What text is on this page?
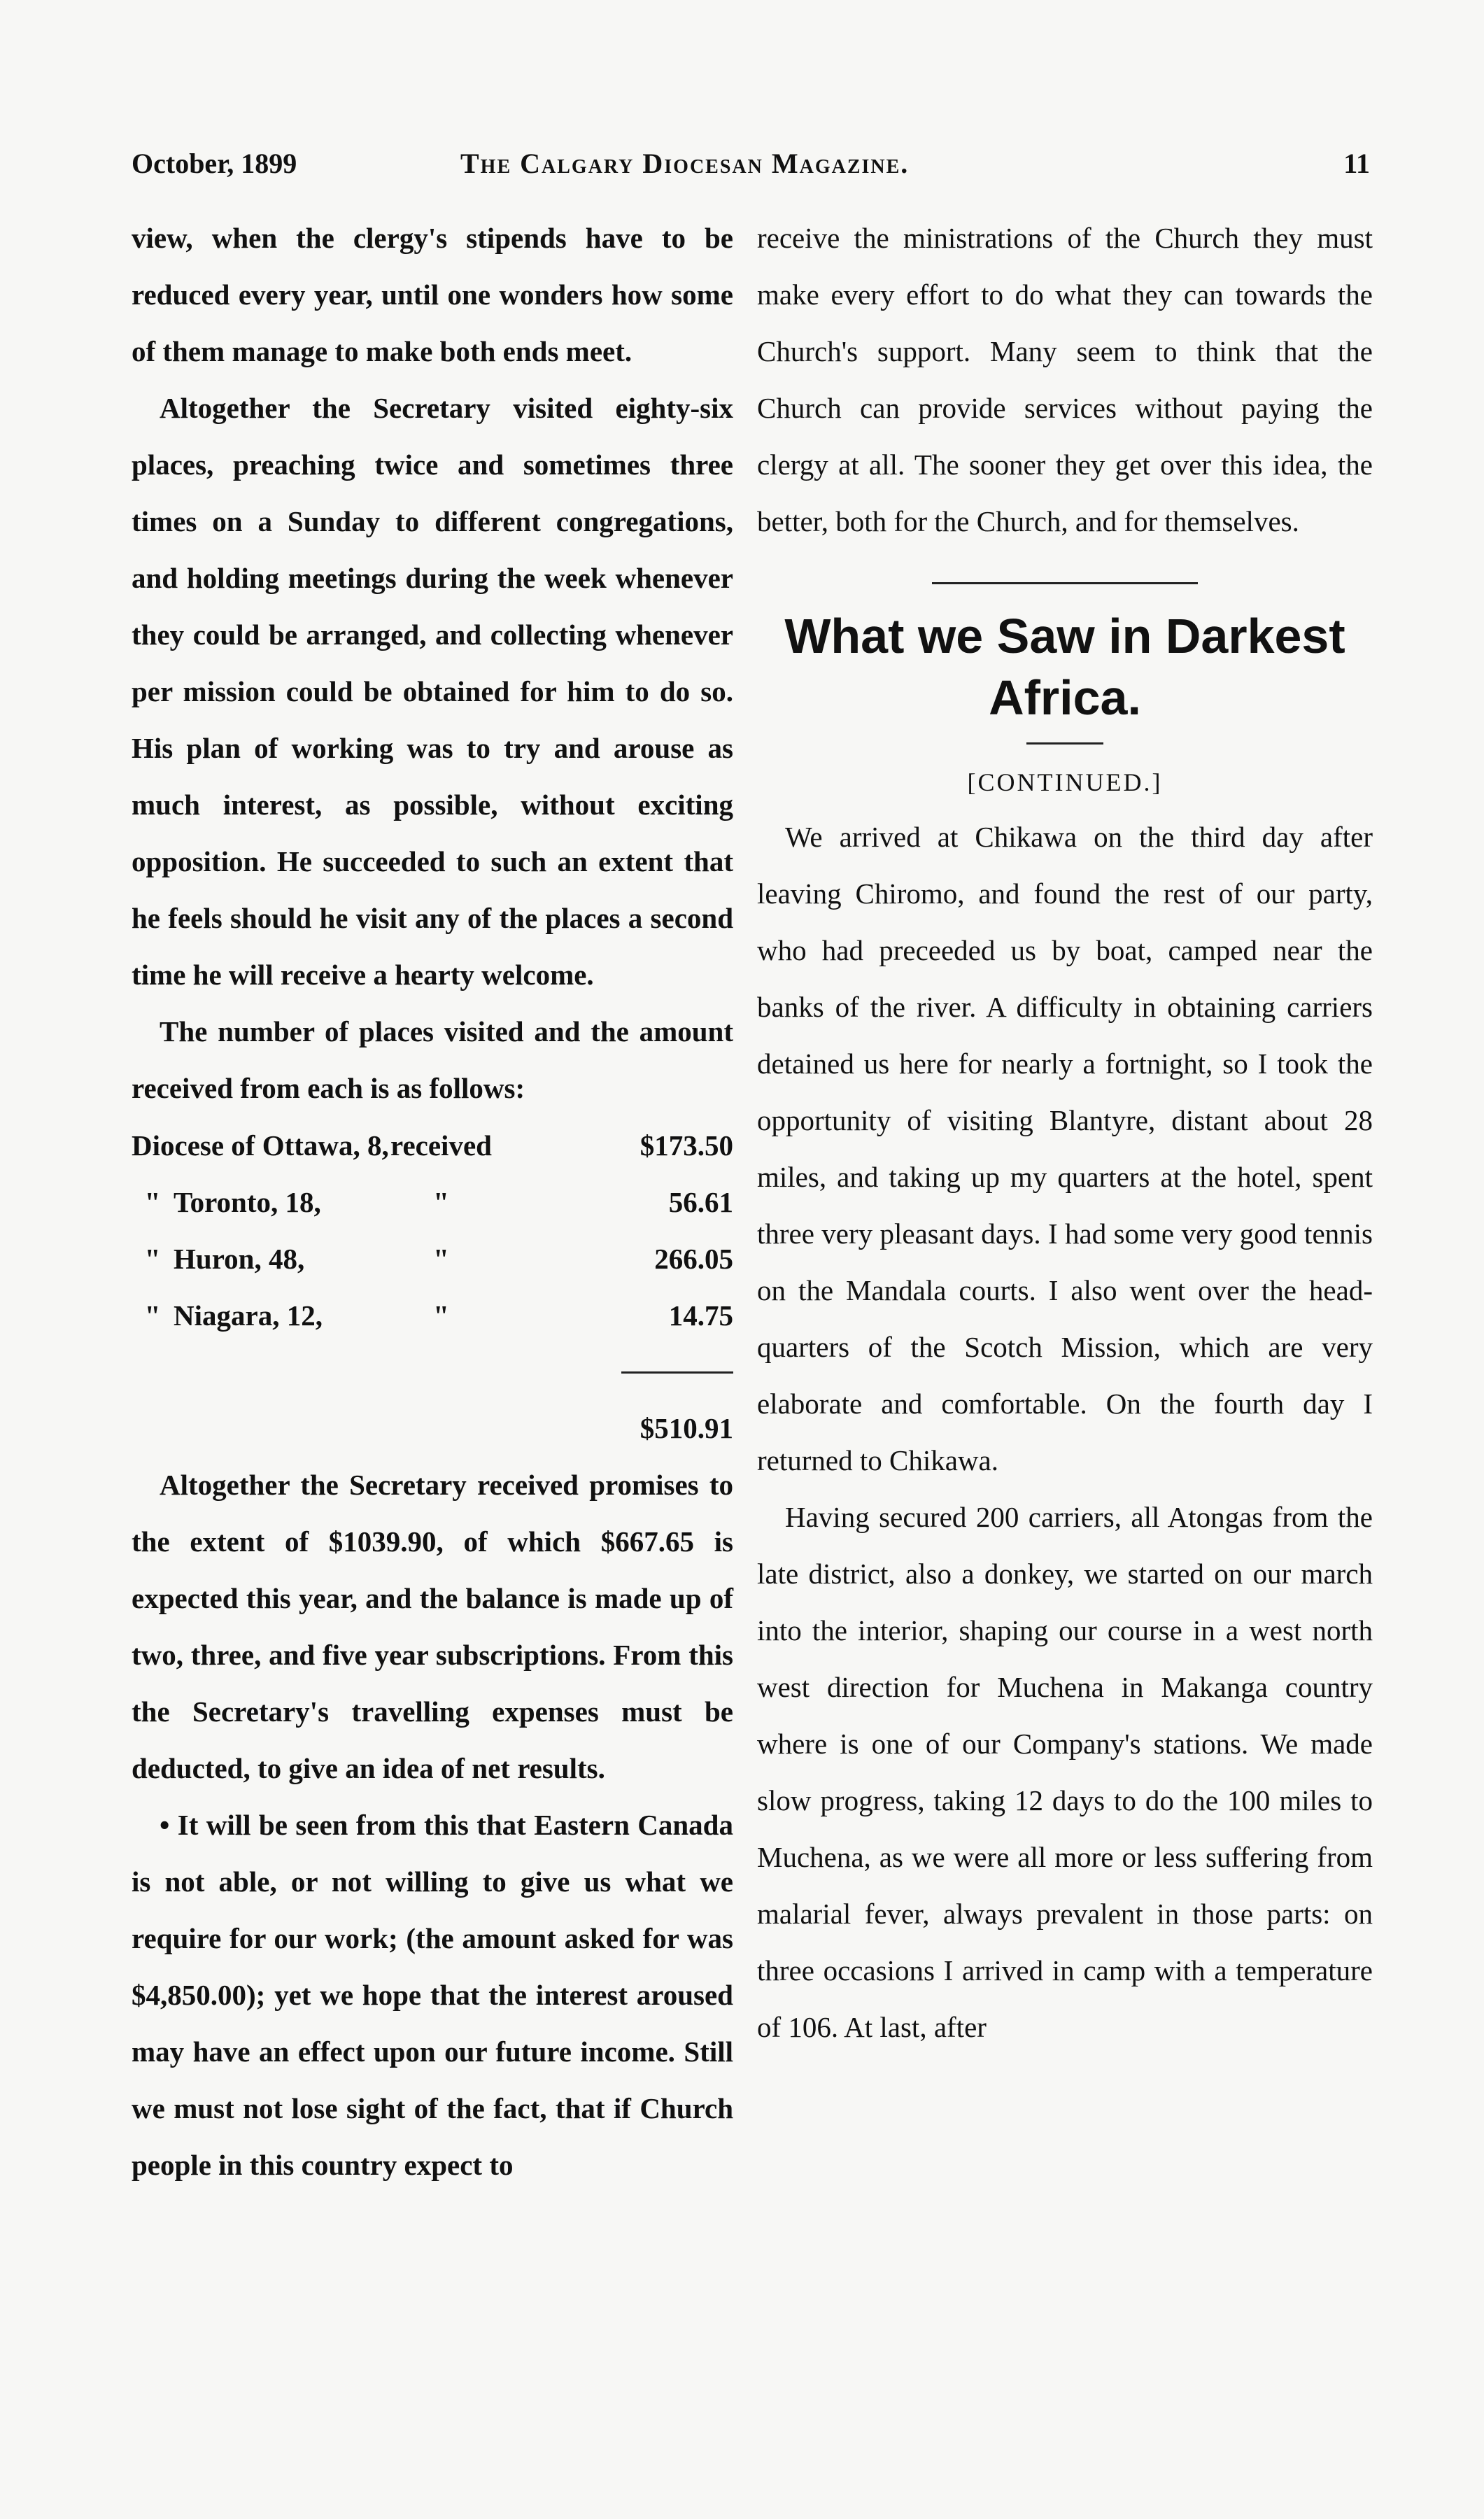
October, 1899	The Calgary Diocesan Magazine.	11

view, when the clergy's stipends have to be reduced every year, until one wonders how some of them manage to make both ends meet.

Altogether the Secretary visited eighty-six places, preaching twice and sometimes three times on a Sunday to different congregations, and holding meetings during the week whenever they could be arranged, and collecting whenever per mission could be obtained for him to do so. His plan of working was to try and arouse as much interest, as possible, without exciting opposition. He succeeded to such an extent that he feels should he visit any of the places a second time he will receive a hearty welcome.

The number of places visited and the amount received from each is as follows:

Diocese of Ottawa, 8,		received	$173.50
"	Toronto, 18,	"	56.61
"	Huron, 48,	"	266.05
"	Niagara, 12,	"	14.75
$510.91

Altogether the Secretary received promises to the extent of $1039.90, of which $667.65 is expected this year, and the balance is made up of two, three, and five year subscriptions. From this the Secretary's travelling expenses must be deducted, to give an idea of net results.

• It will be seen from this that Eastern Canada is not able, or not willing to give us what we require for our work; (the amount asked for was $4,850.00); yet we hope that the interest aroused may have an effect upon our future income. Still we must not lose sight of the fact, that if Church people in this country expect to

receive the ministrations of the Church they must make every effort to do what they can towards the Church's support. Many seem to think that the Church can provide services without paying the clergy at all. The sooner they get over this idea, the better, both for the Church, and for themselves.

What we Saw in Darkest Africa.

[CONTINUED.]

We arrived at Chikawa on the third day after leaving Chiromo, and found the rest of our party, who had preceeded us by boat, camped near the banks of the river. A difficulty in obtaining carriers detained us here for nearly a fortnight, so I took the opportunity of visiting Blantyre, distant about 28 miles, and taking up my quarters at the hotel, spent three very pleasant days. I had some very good tennis on the Mandala courts. I also went over the head-quarters of the Scotch Mission, which are very elaborate and comfortable. On the fourth day I returned to Chikawa.

Having secured 200 carriers, all Atongas from the late district, also a donkey, we started on our march into the interior, shaping our course in a west north west direction for Muchena in Makanga country where is one of our Company's stations. We made slow progress, taking 12 days to do the 100 miles to Muchena, as we were all more or less suffering from malarial fever, always prevalent in those parts: on three occasions I arrived in camp with a temperature of 106. At last, after
